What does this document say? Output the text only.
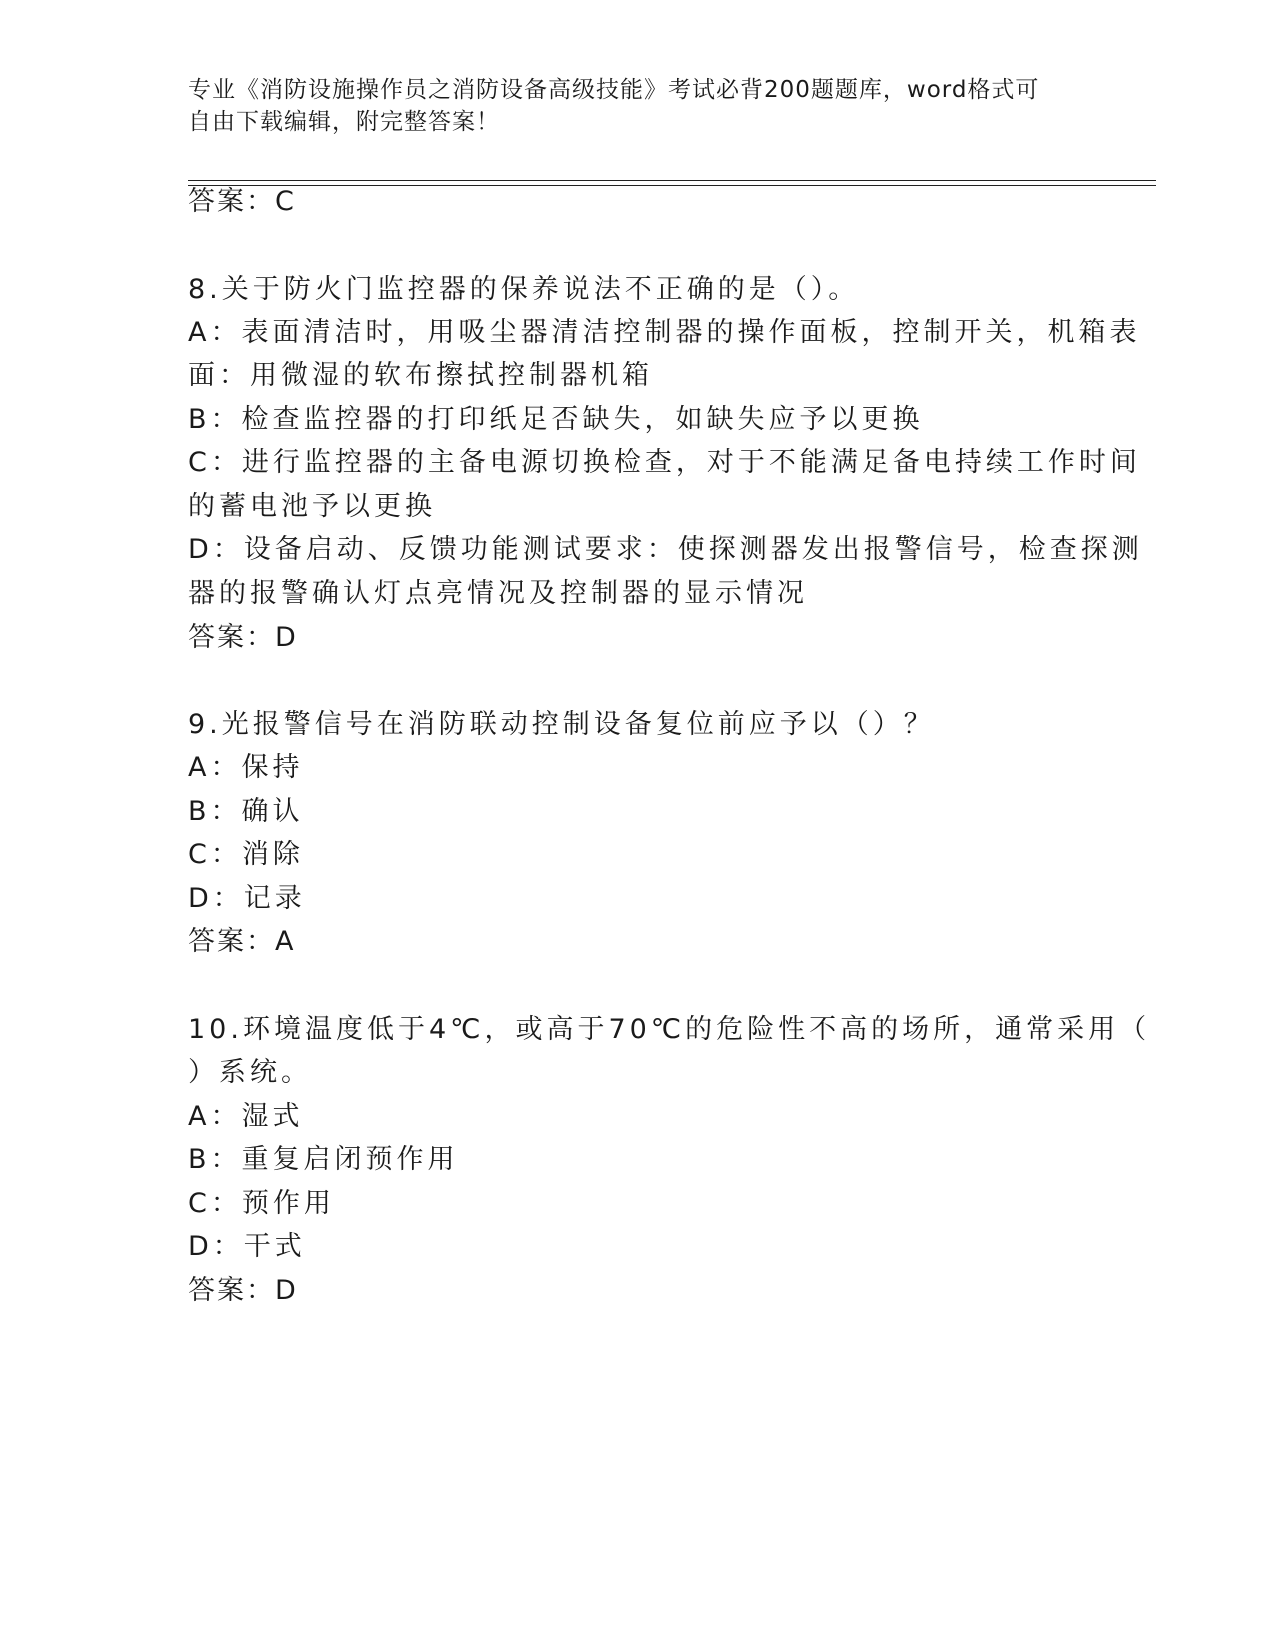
专业《消防设施操作员之消防设备高级技能》考试必背200题题库，word格式可
自由下载编辑，附完整答案！
答案：C
8.关于防火门监控器的保养说法不正确的是（）。
A：表面清洁时，用吸尘器清洁控制器的操作面板，控制开关，机箱表
面：用微湿的软布擦拭控制器机箱
B：检查监控器的打印纸足否缺失，如缺失应予以更换
C：进行监控器的主备电源切换检查，对于不能满足备电持续工作时间
的蓄电池予以更换
D：设备启动、反馈功能测试要求：使探测器发出报警信号，检查探测
器的报警确认灯点亮情况及控制器的显示情况
答案：D
9.光报警信号在消防联动控制设备复位前应予以（）？
A：保持
B：确认
C：消除
D：记录
答案：A
10.环境温度低于4℃，或高于70℃的危险性不高的场所，通常采用（
）系统。
A：湿式
B：重复启闭预作用
C：预作用
D：干式
答案：D
